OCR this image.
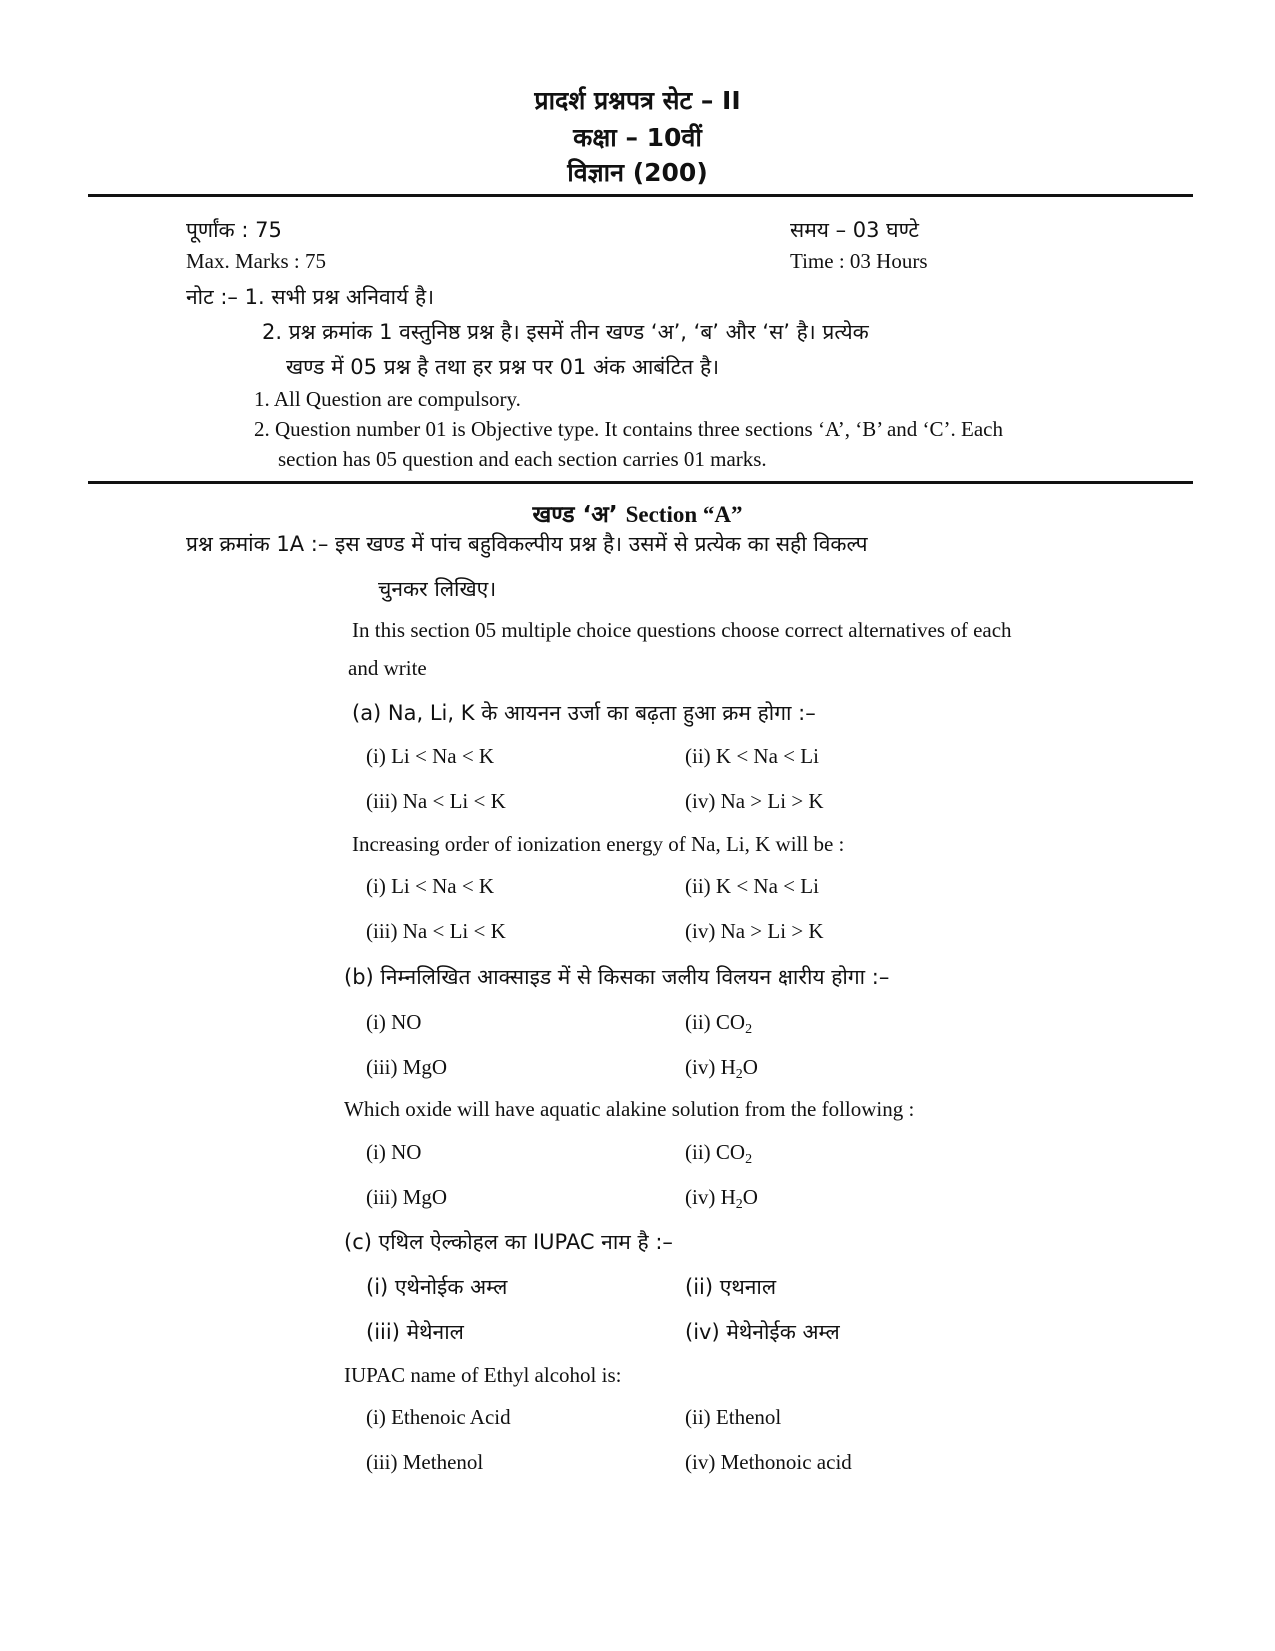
प्रादर्श प्रश्नपत्र सेट – II
कक्षा – 10वीं
विज्ञान (200)
पूर्णांक : 75	समय – 03 घण्टे
Max. Marks : 75	Time : 03 Hours
नोट :– 1. सभी प्रश्न अनिवार्य है।
2. प्रश्न क्रमांक 1 वस्तुनिष्ठ प्रश्न है। इसमें तीन खण्ड ‘अ’, ‘ब’ और ‘स’ है। प्रत्येक
खण्ड में 05 प्रश्न है तथा हर प्रश्न पर 01 अंक आबंटित है।
1. All Question are compulsory.
2. Question number 01 is Objective type. It contains three sections ‘A’, ‘B’ and ‘C’. Each
section has 05 question and each section carries 01 marks.
खण्ड ‘अ’ Section “A”
प्रश्न क्रमांक 1A :– इस खण्ड में पांच बहुविकल्पीय प्रश्न है। उसमें से प्रत्येक का सही विकल्प
चुनकर लिखिए।
In this section 05 multiple choice questions choose correct alternatives of each
and write
(a) Na, Li, K के आयनन उर्जा का बढ़ता हुआ क्रम होगा :–
(i) Li < Na < K	(ii) K < Na < Li
(iii) Na < Li < K	(iv) Na > Li > K
Increasing order of ionization energy of Na, Li, K will be :
(i) Li < Na < K	(ii) K < Na < Li
(iii) Na < Li < K	(iv) Na > Li > K
(b) निम्नलिखित आक्साइड में से किसका जलीय विलयन क्षारीय होगा :–
(i) NO	(ii) $CO_2$
(iii) MgO	(iv) $H_2O$
Which oxide will have aquatic alakine solution from the following :
(i) NO	(ii) $CO_2$
(iii) MgO	(iv) $H_2O$
(c) एथिल ऐल्कोहल का IUPAC नाम है :–
(i) एथेनोईक अम्ल	(ii) एथनाल
(iii) मेथेनाल	(iv) मेथेनोईक अम्ल
IUPAC name of Ethyl alcohol is:
(i) Ethenoic Acid	(ii) Ethenol
(iii) Methenol	(iv) Methonoic acid
